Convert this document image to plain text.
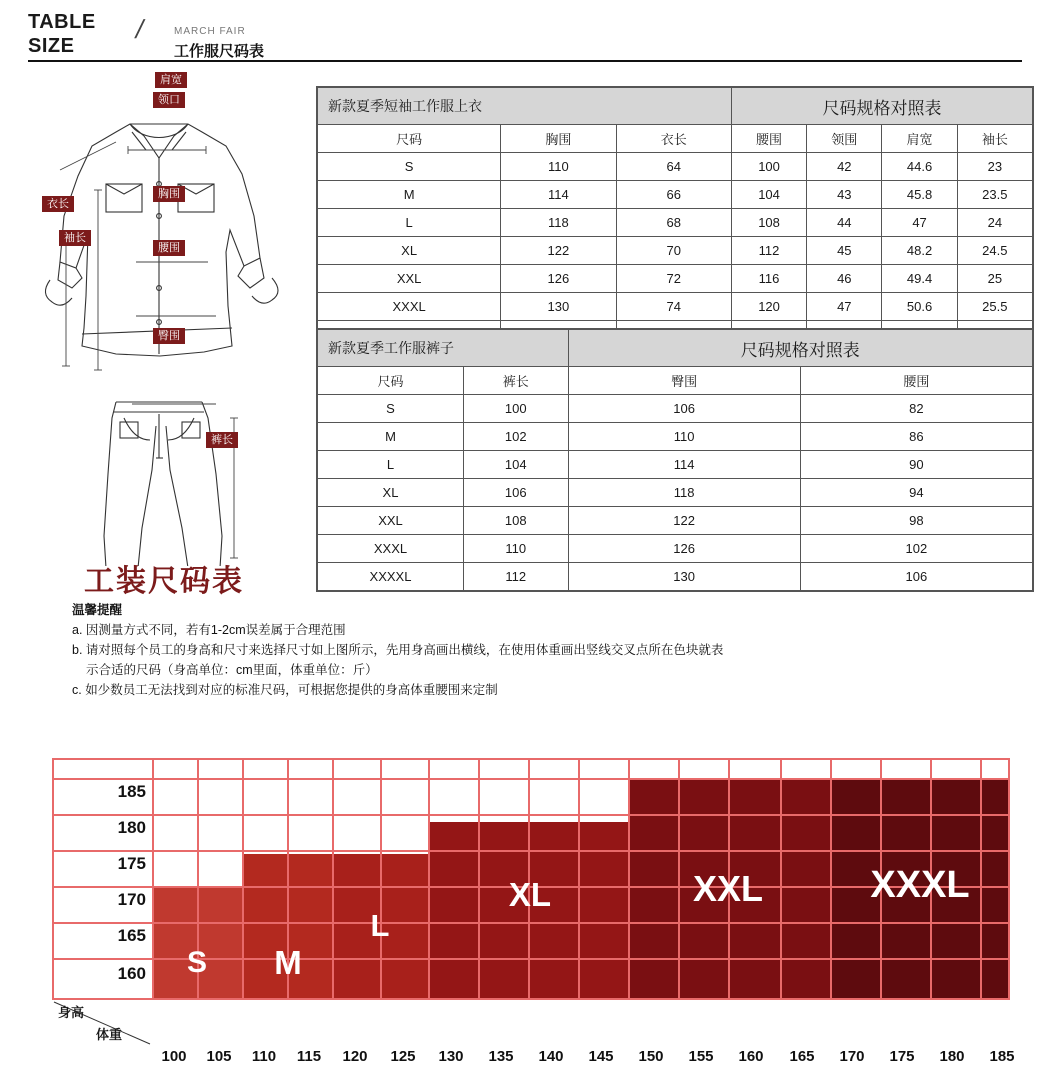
TABLE
SIZE
/	MARCH FAIR
工作服尺码表
肩宽
领口
胸围
衣长
袖长
腰围
臀围
裤长
新款夏季短袖工作服上衣			尺码规格对照表			
尺码	胸围	衣长	腰围	领围	肩宽	袖长
S	110	64	100	42	44.6	23
M	114	66	104	43	45.8	23.5
L	118	68	108	44	47	24
XL	122	70	112	45	48.2	24.5
XXL	126	72	116	46	49.4	25
XXXL	130	74	120	47	50.6	25.5

新款夏季工作服裤子		尺码规格对照表	
尺码	裤长	臀围	腰围
S	100	106	82
M	102	110	86
L	104	114	90
XL	106	118	94
XXL	108	122	98
XXXL	110	126	102
XXXXL	112	130	106
工装尺码表
温馨提醒
a. 因测量方式不同，若有1-2cm误差属于合理范围
b. 请对照每个员工的身高和尺寸来选择尺寸如上图所示，先用身高画出横线，在使用体重画出竖线交叉点所在色块就表
示合适的尺码（身高单位：cm里面，体重单位：斤）
c. 如少数员工无法找到对应的标准尺码，可根据您提供的身高体重腰围来定制
185
180
175
170
165
160	S	M
L
XL	XXL	XXXL
100	105	110	115	120	125	130	135	140	145	150	155	160	165	170	175	180	185
身高
体重
